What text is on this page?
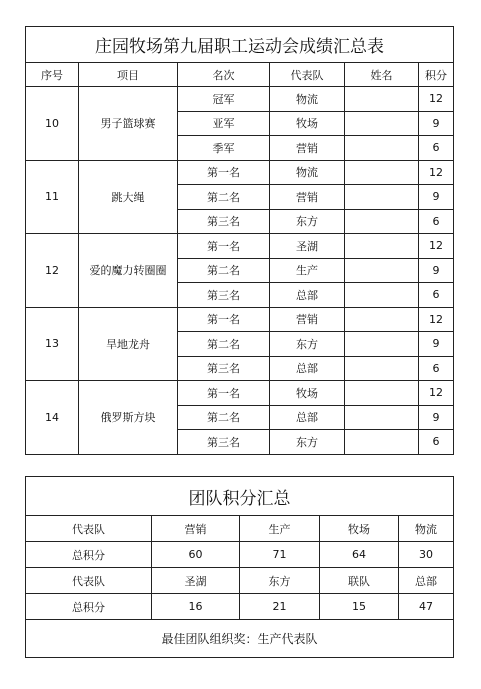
庄园牧场第九届职工运动会成绩汇总表					
序号	项目	名次	代表队	姓名	积分
10	男子篮球赛	冠军	物流		12
		亚军	牧场		9
		季军	营销		6
11	跳大绳	第一名	物流		12
		第二名	营销		9
		第三名	东方		6
12	爱的魔力转圈圈	第一名	圣湖		12
		第二名	生产		9
		第三名	总部		6
13	旱地龙舟	第一名	营销		12
		第二名	东方		9
		第三名	总部		6
14	俄罗斯方块	第一名	牧场		12
		第二名	总部		9
		第三名	东方		6
团队积分汇总				
代表队	营销	生产	牧场	物流
总积分	60	71	64	30
代表队	圣湖	东方	联队	总部
总积分	16	21	15	47
最佳团队组织奖：生产代表队				
